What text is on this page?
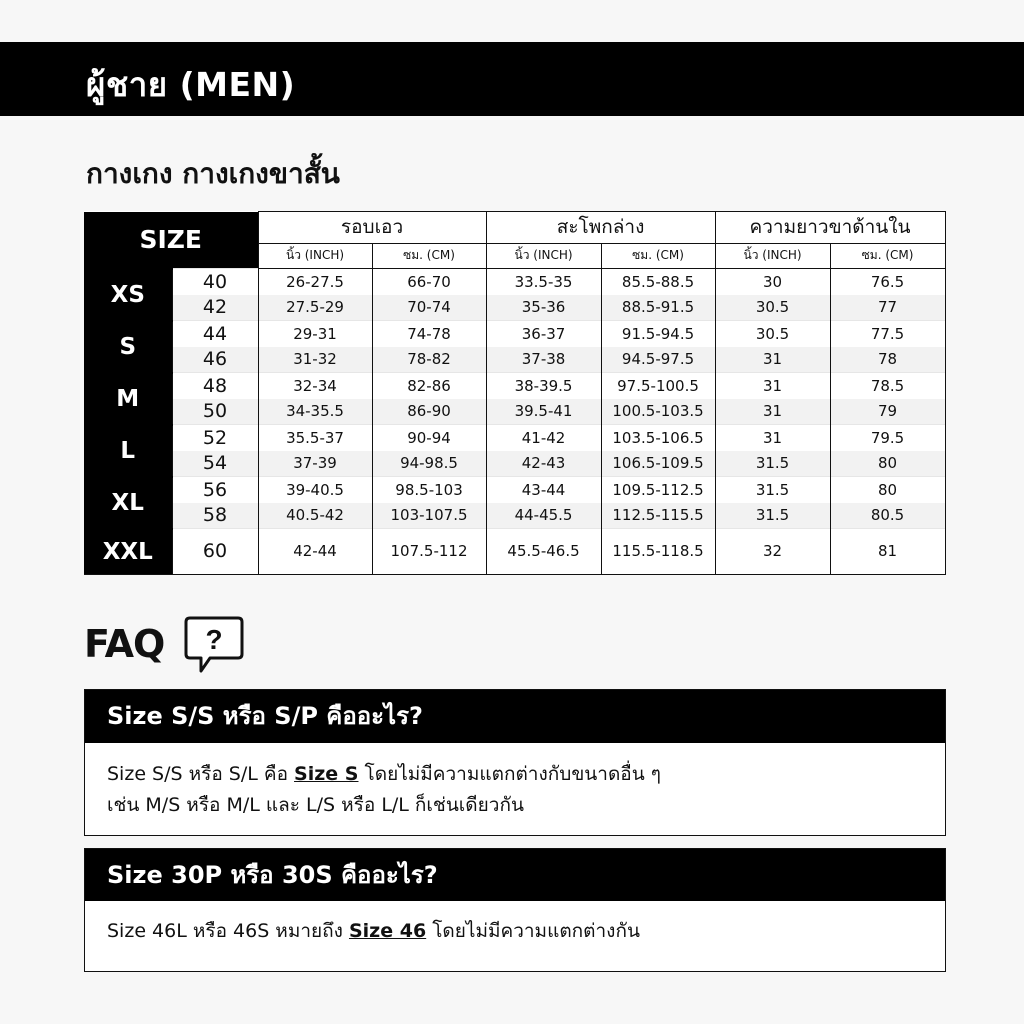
ผู้ชาย (MEN)
กางเกง กางเกงขาสั้น
SIZE		รอบเอว		สะโพกล่าง		ความยาวขาด้านใน	
		นิ้ว (INCH)	ซม. (CM)	นิ้ว (INCH)	ซม. (CM)	นิ้ว (INCH)	ซม. (CM)
XS	40	26-27.5	66-70	33.5-35	85.5-88.5	30	76.5
	42	27.5-29	70-74	35-36	88.5-91.5	30.5	77
S	44	29-31	74-78	36-37	91.5-94.5	30.5	77.5
	46	31-32	78-82	37-38	94.5-97.5	31	78
M	48	32-34	82-86	38-39.5	97.5-100.5	31	78.5
	50	34-35.5	86-90	39.5-41	100.5-103.5	31	79
L	52	35.5-37	90-94	41-42	103.5-106.5	31	79.5
	54	37-39	94-98.5	42-43	106.5-109.5	31.5	80
XL	56	39-40.5	98.5-103	43-44	109.5-112.5	31.5	80
	58	40.5-42	103-107.5	44-45.5	112.5-115.5	31.5	80.5
XXL	60	42-44	107.5-112	45.5-46.5	115.5-118.5	32	81
FAQ ?
Size S/S หรือ S/P คืออะไร?
Size S/S หรือ S/L คือ Size S โดยไม่มีความแตกต่างกับขนาดอื่น ๆ
เช่น M/S หรือ M/L และ L/S หรือ L/L ก็เช่นเดียวกัน
Size 30P หรือ 30S คืออะไร?
Size 46L หรือ 46S หมายถึง Size 46 โดยไม่มีความแตกต่างกัน
